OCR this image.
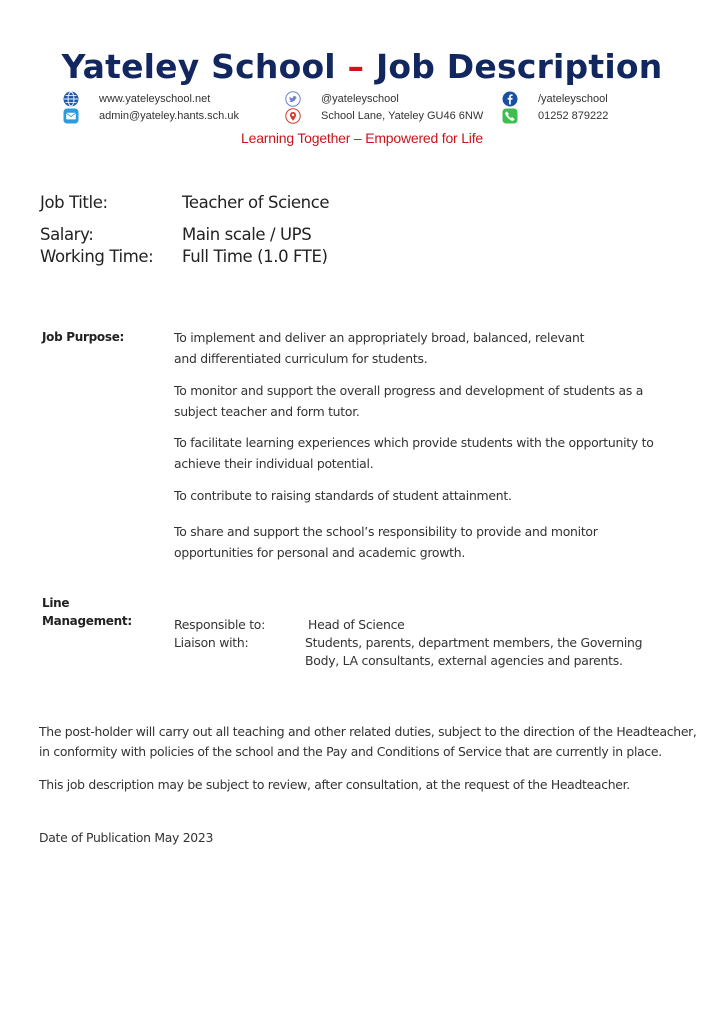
Yateley School – Job Description
www.yateleyschool.net	@yateleyschool	/yateleyschool
admin@yateley.hants.sch.uk	School Lane, Yateley GU46 6NW	01252 879222
Learning Together – Empowered for Life
Job Title:	Teacher of Science
Salary:	Main scale / UPS
Working Time: Full Time (1.0 FTE)
Job Purpose:	To implement and deliver an appropriately broad, balanced, relevant and differentiated curriculum for students.
To monitor and support the overall progress and development of students as a subject teacher and form tutor.
To facilitate learning experiences which provide students with the opportunity to achieve their individual potential.
To contribute to raising standards of student attainment.
To share and support the school’s responsibility to provide and monitor opportunities for personal and academic growth.
Line
Management:	Responsible to:	Head of Science
Liaison with:	Students, parents, department members, the Governing Body, LA consultants, external agencies and parents.
The post-holder will carry out all teaching and other related duties, subject to the direction of the Headteacher, in conformity with policies of the school and the Pay and Conditions of Service that are currently in place.
This job description may be subject to review, after consultation, at the request of the Headteacher.
Date of Publication May 2023
